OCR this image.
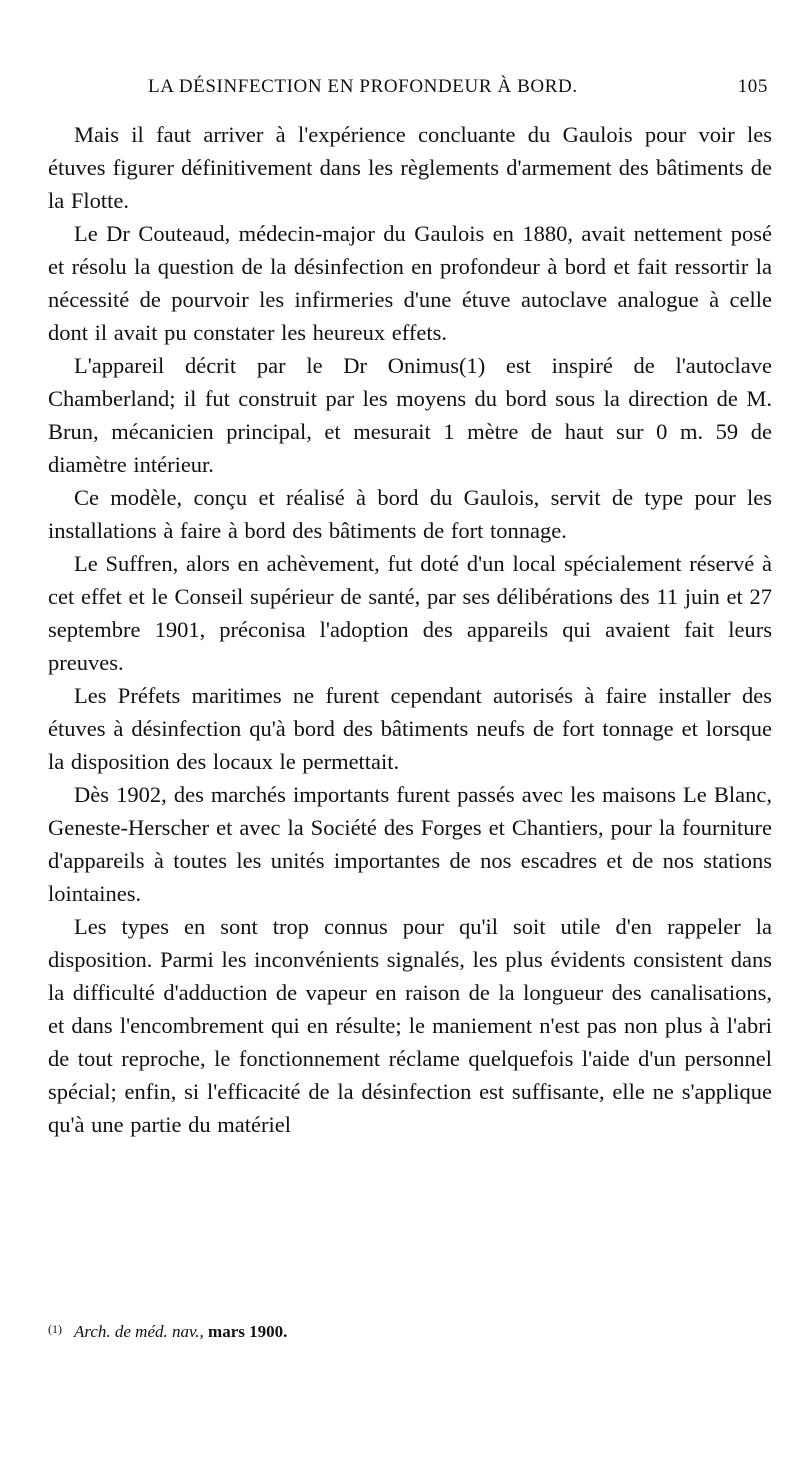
LA DÉSINFECTION EN PROFONDEUR À BORD.	105

Mais il faut arriver à l'expérience concluante du Gaulois pour voir les étuves figurer définitivement dans les règlements d'armement des bâtiments de la Flotte.

Le Dr Couteaud, médecin-major du Gaulois en 1880, avait nettement posé et résolu la question de la désinfection en profondeur à bord et fait ressortir la nécessité de pourvoir les infirmeries d'une étuve autoclave analogue à celle dont il avait pu constater les heureux effets.

L'appareil décrit par le Dr Onimus(1) est inspiré de l'autoclave Chamberland; il fut construit par les moyens du bord sous la direction de M. Brun, mécanicien principal, et mesurait 1 mètre de haut sur 0 m. 59 de diamètre intérieur.

Ce modèle, conçu et réalisé à bord du Gaulois, servit de type pour les installations à faire à bord des bâtiments de fort tonnage.

Le Suffren, alors en achèvement, fut doté d'un local spécialement réservé à cet effet et le Conseil supérieur de santé, par ses délibérations des 11 juin et 27 septembre 1901, préconisa l'adoption des appareils qui avaient fait leurs preuves.

Les Préfets maritimes ne furent cependant autorisés à faire installer des étuves à désinfection qu'à bord des bâtiments neufs de fort tonnage et lorsque la disposition des locaux le permettait.

Dès 1902, des marchés importants furent passés avec les maisons Le Blanc, Geneste-Herscher et avec la Société des Forges et Chantiers, pour la fourniture d'appareils à toutes les unités importantes de nos escadres et de nos stations lointaines.

Les types en sont trop connus pour qu'il soit utile d'en rappeler la disposition. Parmi les inconvénients signalés, les plus évidents consistent dans la difficulté d'adduction de vapeur en raison de la longueur des canalisations, et dans l'encombrement qui en résulte; le maniement n'est pas non plus à l'abri de tout reproche, le fonctionnement réclame quelquefois l'aide d'un personnel spécial; enfin, si l'efficacité de la désinfection est suffisante, elle ne s'applique qu'à une partie du matériel

$^{(1)}$ Arch. de méd. nav., mars 1900.
